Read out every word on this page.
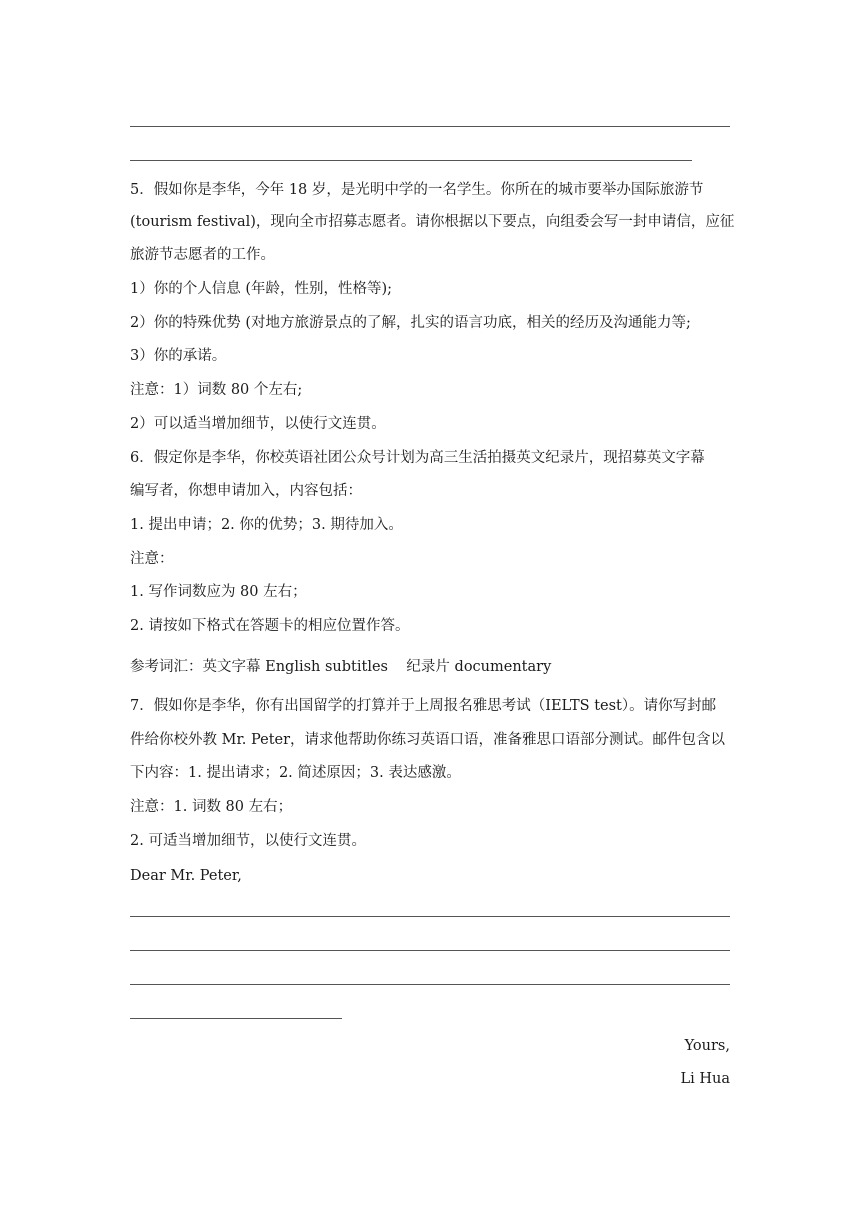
5．假如你是李华，今年 18 岁，是光明中学的一名学生。你所在的城市要举办国际旅游节
(tourism festival)，现向全市招募志愿者。请你根据以下要点，向组委会写一封申请信，应征
旅游节志愿者的工作。
1）你的个人信息 (年龄，性别，性格等);
2）你的特殊优势 (对地方旅游景点的了解，扎实的语言功底，相关的经历及沟通能力等;
3）你的承诺。
注意：1）词数 80 个左右;
2）可以适当增加细节，以使行文连贯。
6．假定你是李华，你校英语社团公众号计划为高三生活拍摄英文纪录片，现招募英文字幕
编写者，你想申请加入，内容包括：
1. 提出申请；2. 你的优势；3. 期待加入。
注意：
1. 写作词数应为 80 左右；
2. 请按如下格式在答题卡的相应位置作答。
参考词汇：英文字幕 English subtitles    纪录片 documentary
7．假如你是李华，你有出国留学的打算并于上周报名雅思考试（IELTS test）。请你写封邮
件给你校外教 Mr. Peter，请求他帮助你练习英语口语，准备雅思口语部分测试。邮件包含以
下内容：1. 提出请求；2. 简述原因；3. 表达感激。
注意：1. 词数 80 左右；
2. 可适当增加细节，以使行文连贯。
Dear Mr. Peter,
Yours,
Li Hua
